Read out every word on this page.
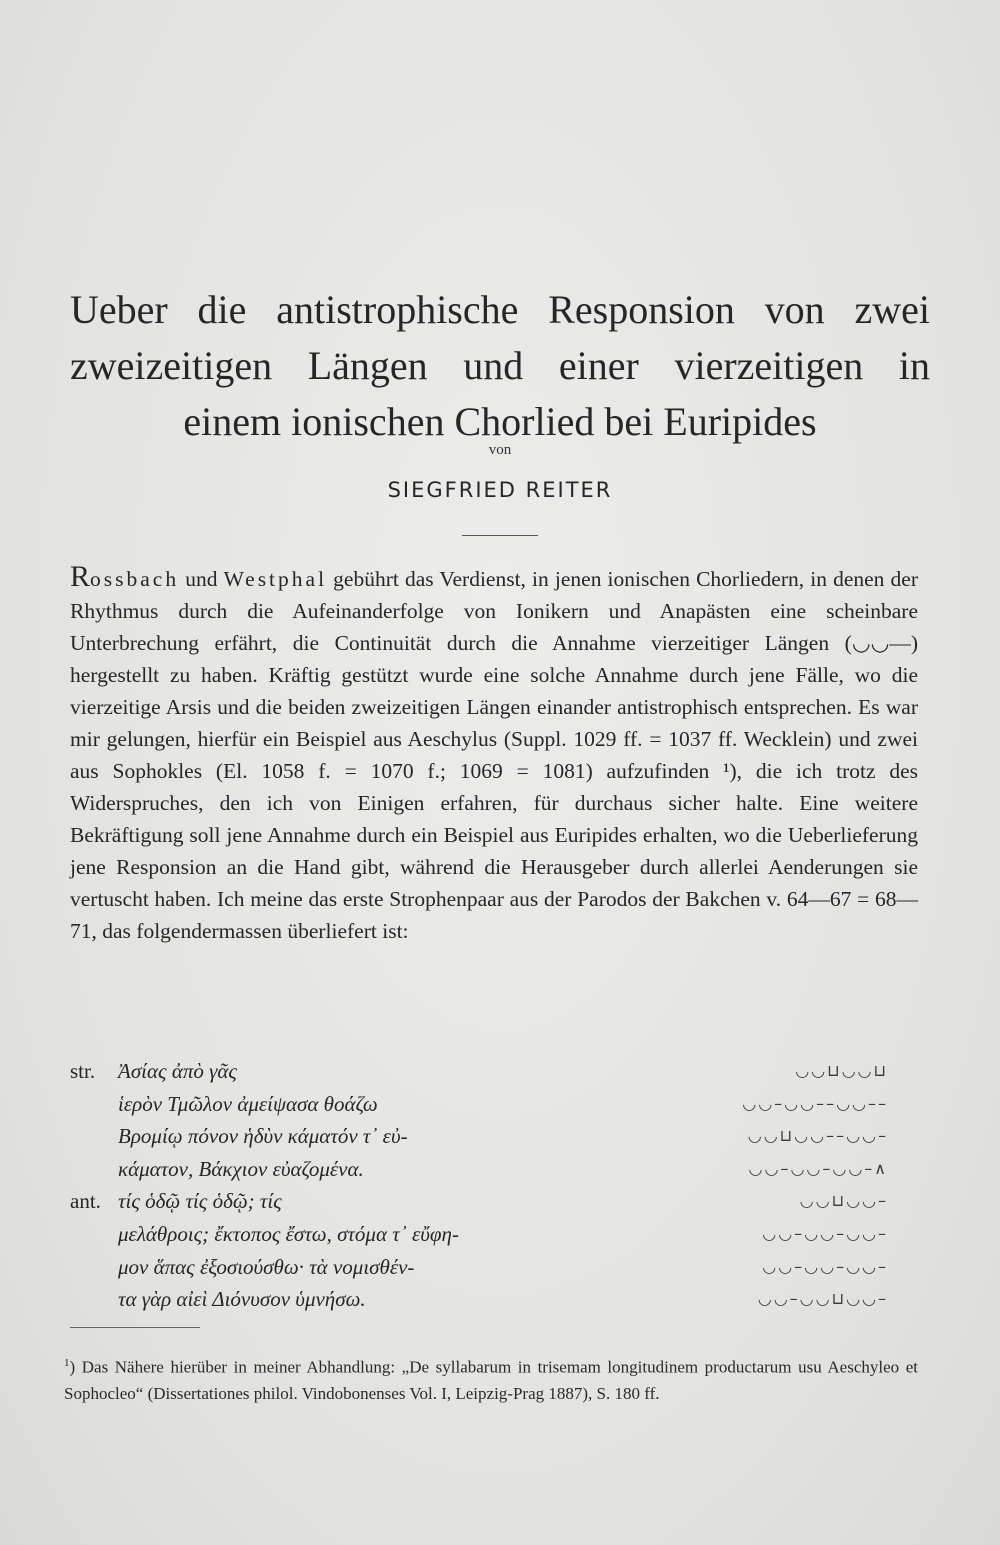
Ueber die antistrophische Responsion von zwei
zweizeitigen Längen und einer vierzeitigen in
einem ionischen Chorlied bei Euripides
von
SIEGFRIED REITER
Rossbach und Westphal gebührt das Verdienst, in jenen ionischen Chorliedern, in denen der Rhythmus durch die Aufeinanderfolge von Ionikern und Anapästen eine scheinbare Unterbrechung erfährt, die Continuität durch die Annahme vierzeitiger Längen (◡◡—) hergestellt zu haben. Kräftig gestützt wurde eine solche Annahme durch jene Fälle, wo die vierzeitige Arsis und die beiden zweizeitigen Längen einander antistrophisch entsprechen. Es war mir gelungen, hierfür ein Beispiel aus Aeschylus (Suppl. 1029 ff. = 1037 ff. Wecklein) und zwei aus Sophokles (El. 1058 f. = 1070 f.; 1069 = 1081) aufzufinden ¹), die ich trotz des Widerspruches, den ich von Einigen erfahren, für durchaus sicher halte. Eine weitere Bekräftigung soll jene Annahme durch ein Beispiel aus Euripides erhalten, wo die Ueberlieferung jene Responsion an die Hand gibt, während die Herausgeber durch allerlei Aenderungen sie vertuscht haben. Ich meine das erste Strophenpaar aus der Parodos der Bakchen v. 64—67 = 68—71, das folgendermassen überliefert ist:
str. Ἀσίας ἀπὸ γᾶς	◡◡⊔◡◡⊔
ἱερὸν Τμῶλον ἀμείψασα θοάζω	◡◡–◡◡––◡◡––
Βρομίῳ πόνον ἡδὺν κάματόν τ᾽ εὐ-	◡◡⊔◡◡––◡◡–
κάματον, Βάκχιον εὐαζομένα.	◡◡–◡◡–◡◡–∧
ant. τίς ὁδῷ τίς ὁδῷ; τίς	◡◡⊔◡◡–
μελάθροις; ἔκτοπος ἔστω, στόμα τ᾽ εὔφη-	◡◡–◡◡–◡◡–
μον ἅπας ἐξοσιούσθω· τὰ νομισθέν-	◡◡–◡◡–◡◡–
τα γὰρ αἰεὶ Διόνυσον ὑμνήσω.	◡◡–◡◡⊔◡◡–
$^1$) Das Nähere hierüber in meiner Abhandlung: „De syllabarum in trisemam longitudinem productarum usu Aeschyleo et Sophocleo“ (Dissertationes philol. Vindobonenses Vol. I, Leipzig-Prag 1887), S. 180 ff.
